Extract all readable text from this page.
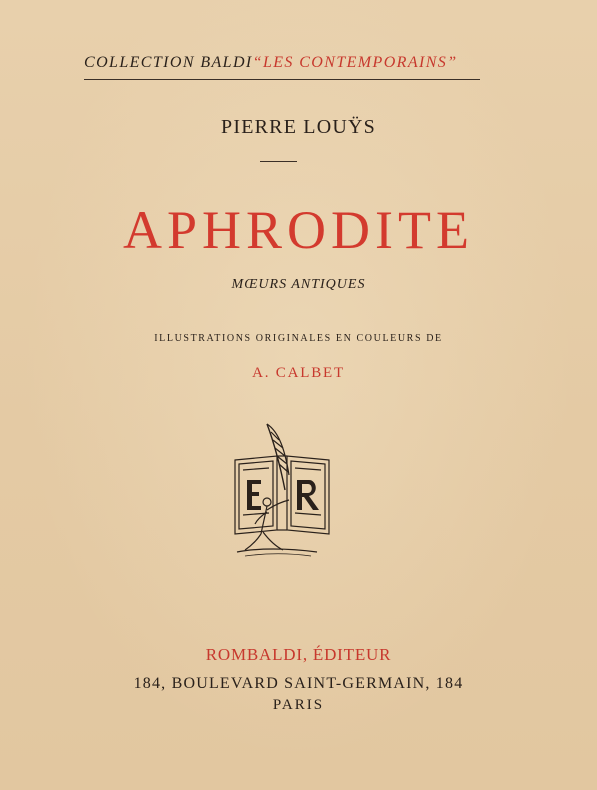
COLLECTION BALDI“LES CONTEMPORAINS”
PIERRE LOUŸS
APHRODITE
MŒURS ANTIQUES
ILLUSTRATIONS ORIGINALES EN COULEURS DE
A. CALBET
ROMBALDI, ÉDITEUR
184, BOULEVARD SAINT-GERMAIN, 184
PARIS
